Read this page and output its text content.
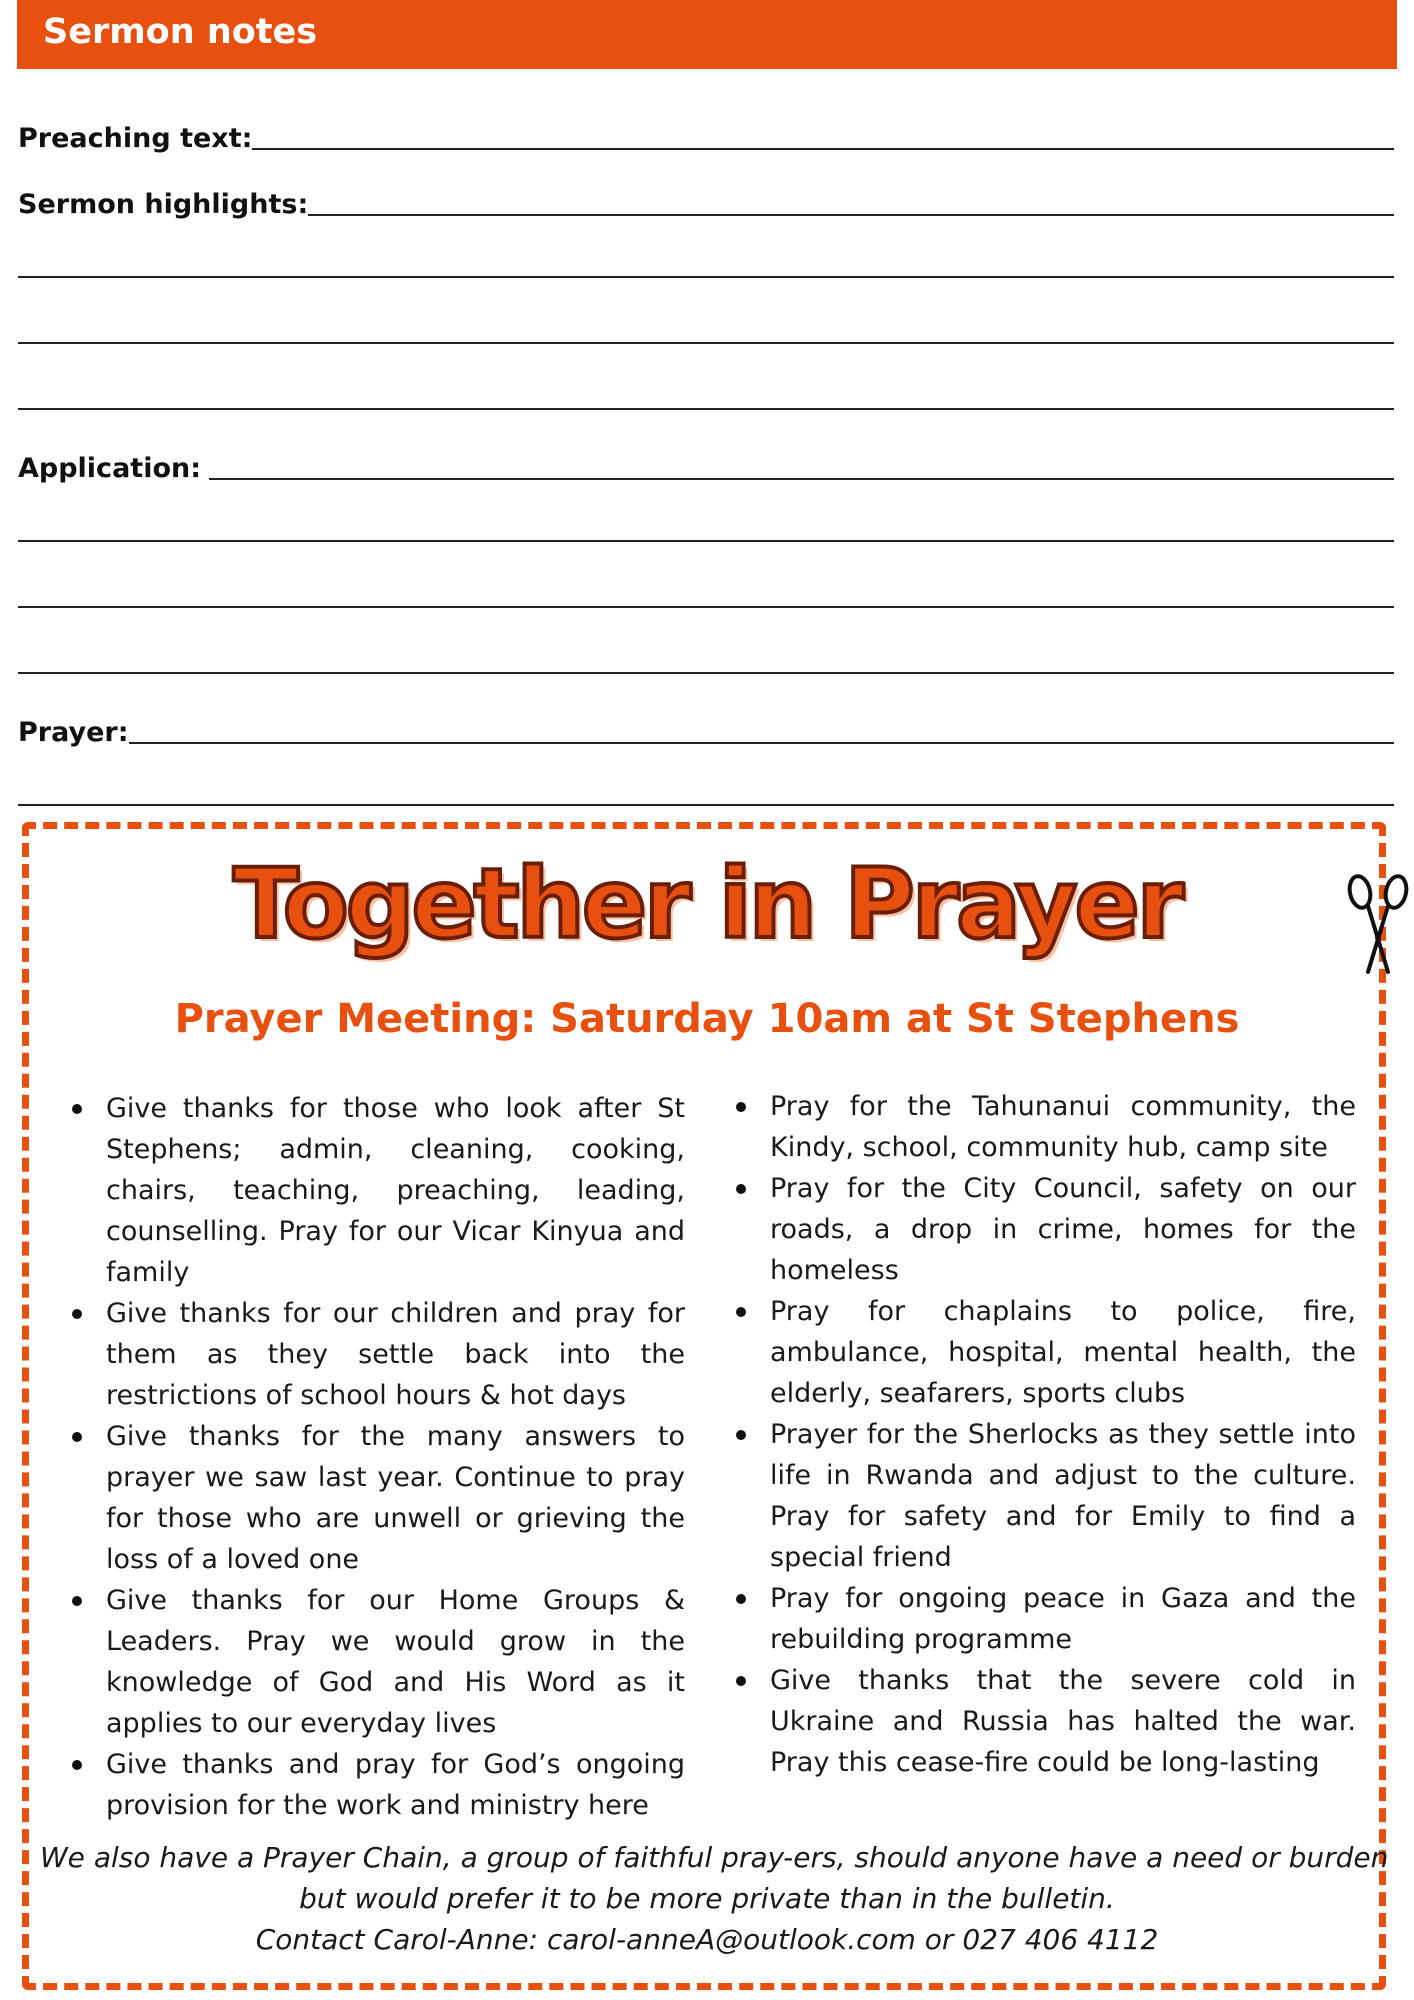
Sermon notes
Preaching text:
Sermon highlights:
Application:
Prayer:
Together in Prayer
Prayer Meeting: Saturday 10am at St Stephens
Give thanks for those who look after St Stephens; admin, cleaning, cooking, chairs, teaching, preaching, leading, counselling. Pray for our Vicar Kinyua and family
Give thanks for our children and pray for them as they settle back into the restrictions of school hours & hot days
Give thanks for the many answers to prayer we saw last year. Continue to pray for those who are unwell or grieving the loss of a loved one
Give thanks for our Home Groups & Leaders. Pray we would grow in the knowledge of God and His Word as it applies to our everyday lives
Give thanks and pray for God’s ongoing provision for the work and ministry here
Pray for the Tahunanui community, the Kindy, school, community hub, camp site
Pray for the City Council, safety on our roads, a drop in crime, homes for the homeless
Pray for chaplains to police, fire, ambulance, hospital, mental health, the elderly, seafarers, sports clubs
Prayer for the Sherlocks as they settle into life in Rwanda and adjust to the culture. Pray for safety and for Emily to find a special friend
Pray for ongoing peace in Gaza and the rebuilding programme
Give thanks that the severe cold in Ukraine and Russia has halted the war. Pray this cease-fire could be long-lasting
We also have a Prayer Chain, a group of faithful pray-ers, should anyone have a need or burden
but would prefer it to be more private than in the bulletin.
Contact Carol-Anne: carol-anneA@outlook.com or 027 406 4112
